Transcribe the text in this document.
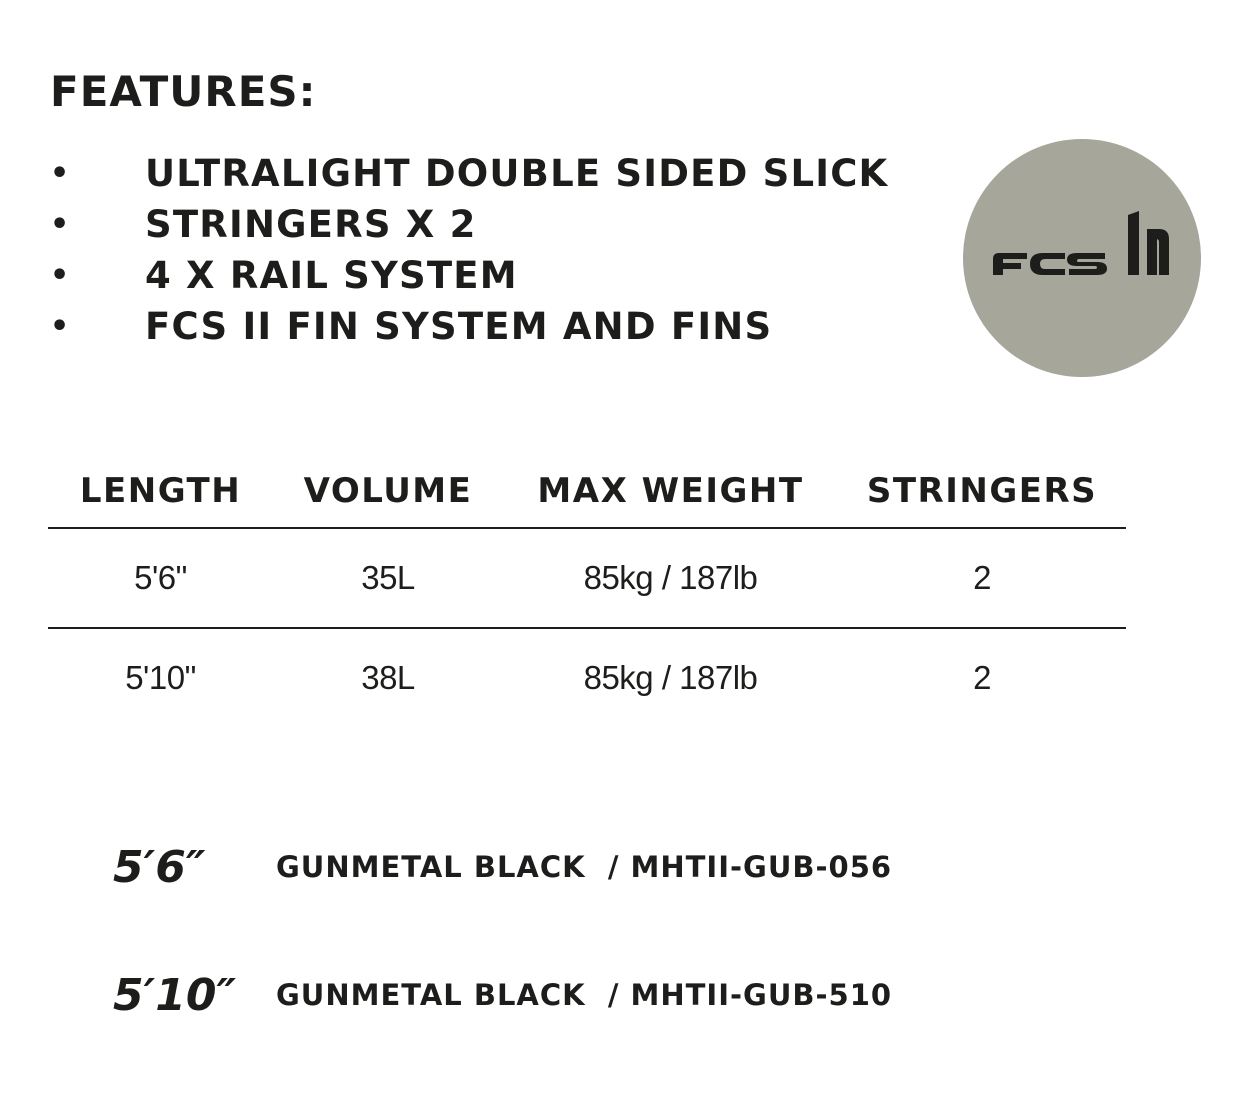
FEATURES:
• ULTRALIGHT DOUBLE SIDED SLICK
• STRINGERS X 2
• 4 X RAIL SYSTEM
• FCS II FIN SYSTEM AND FINS
LENGTH	VOLUME	MAX WEIGHT	STRINGERS
5'6"	35L	85kg / 187lb	2
5'10"	38L	85kg / 187lb	2
5′6″ GUNMETAL BLACK  / MHTII-GUB-056
5′10″ GUNMETAL BLACK  / MHTII-GUB-510
